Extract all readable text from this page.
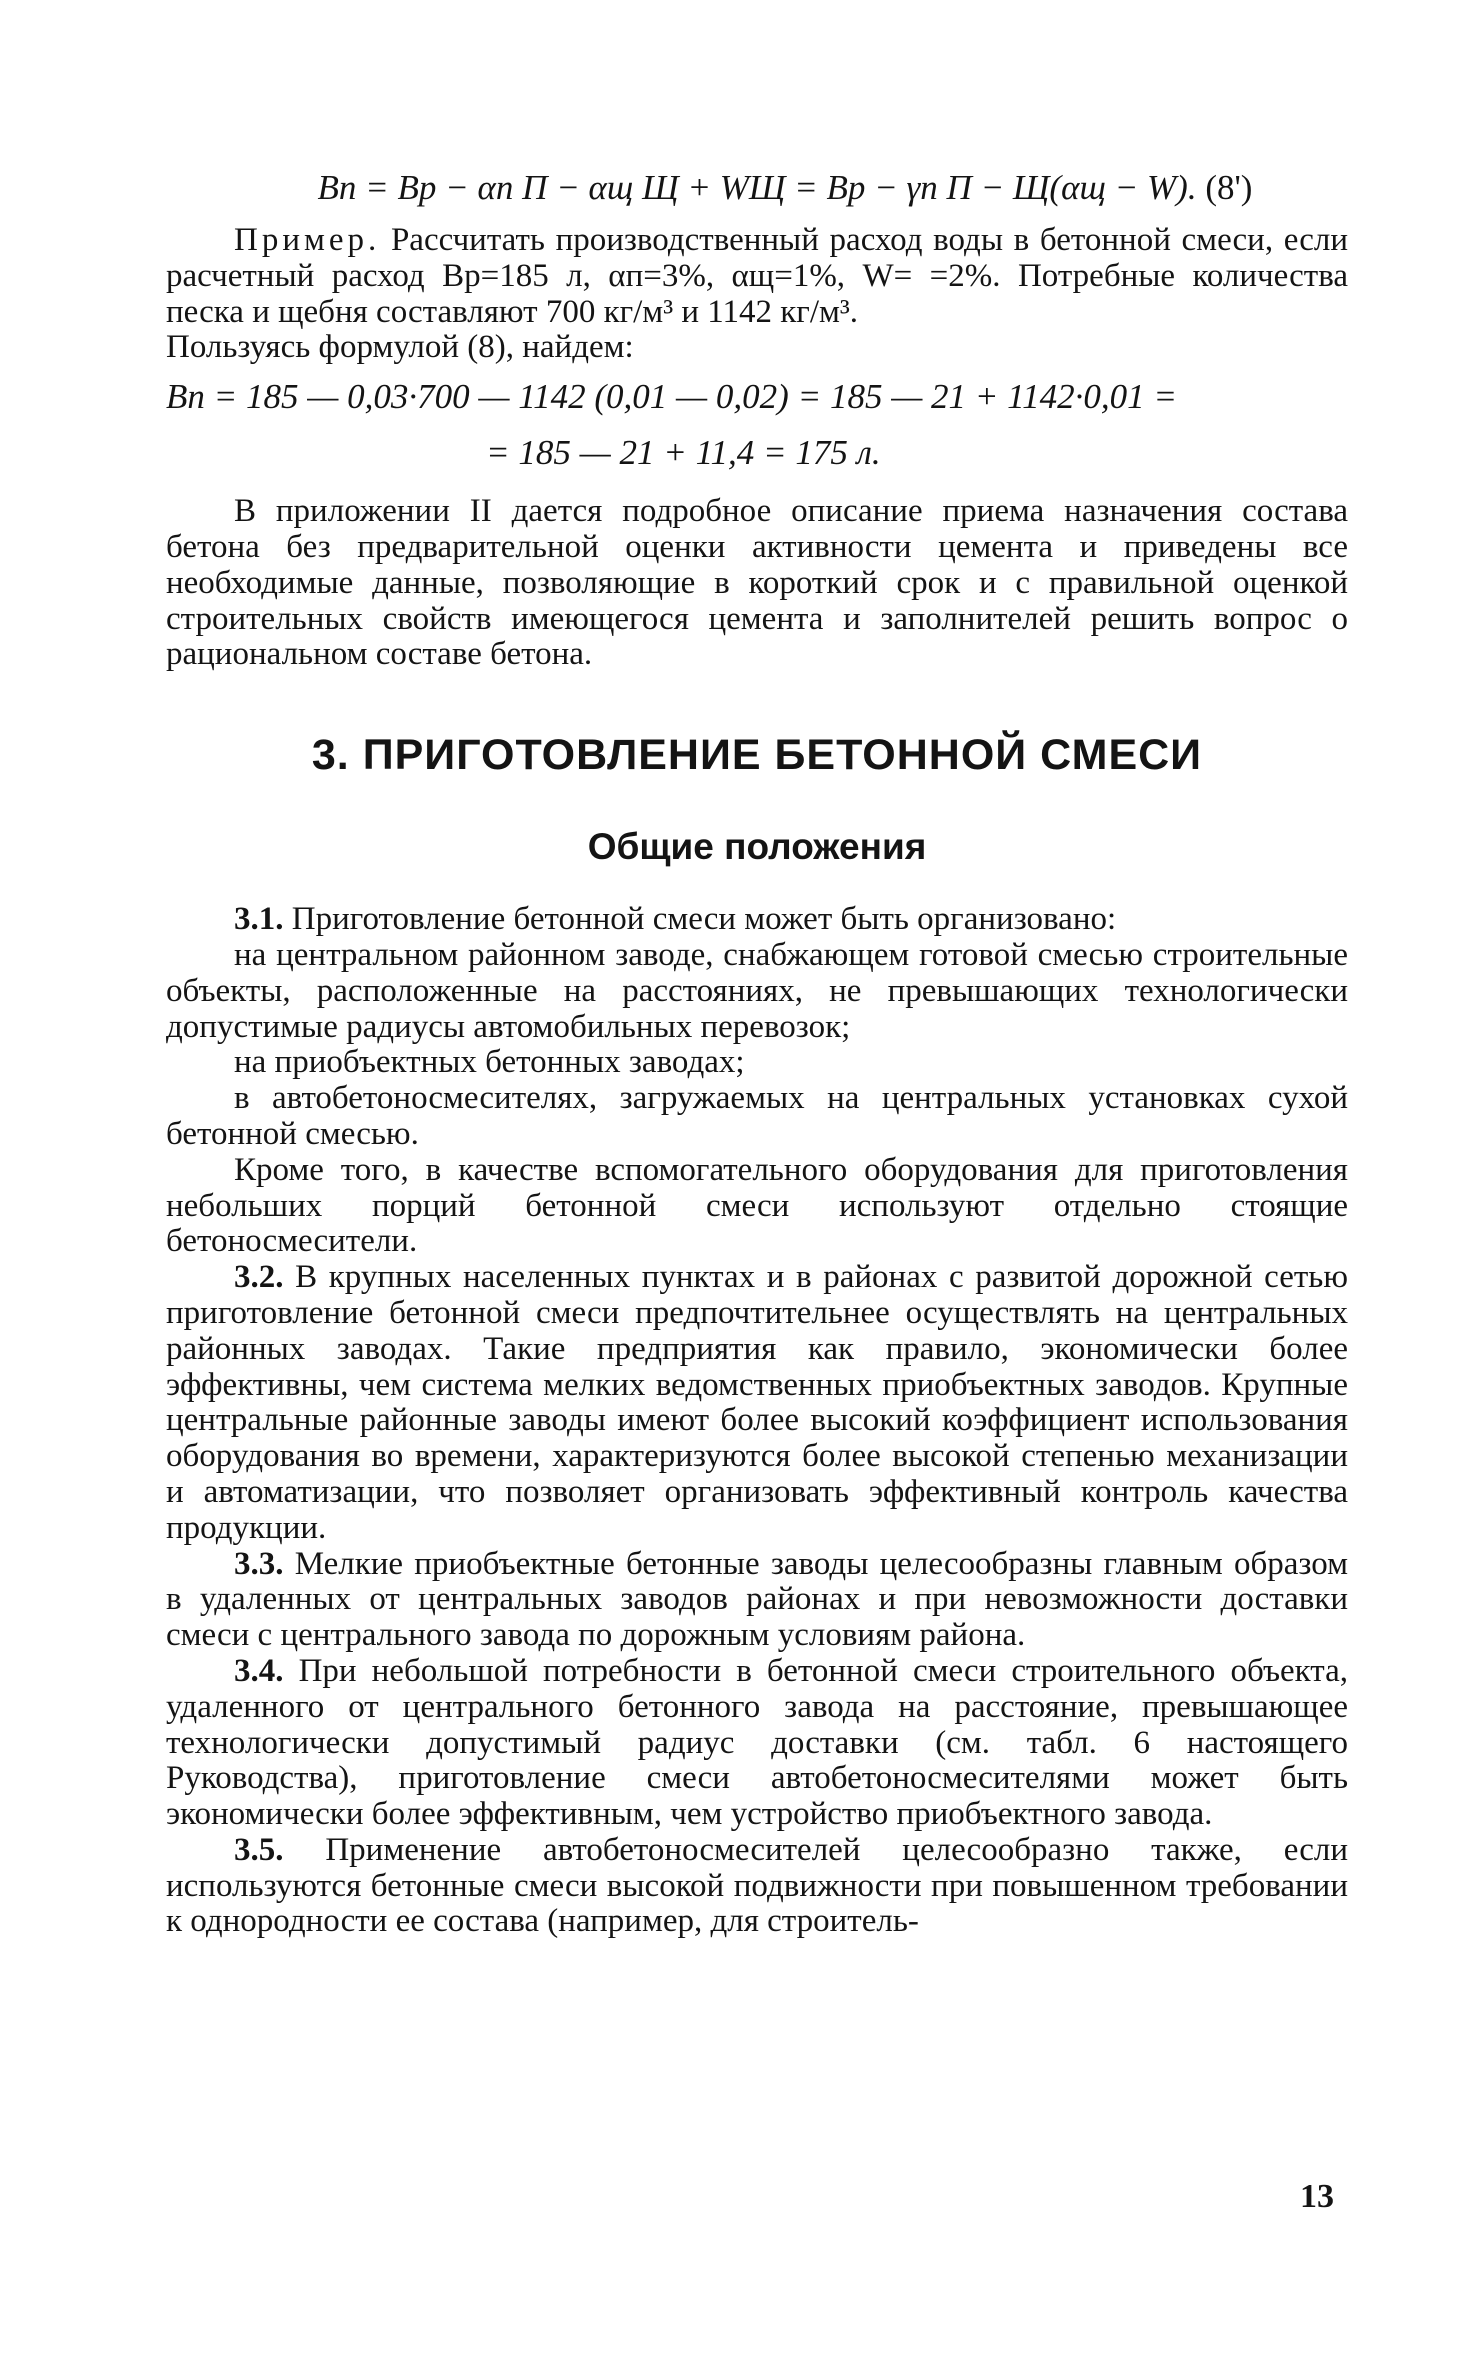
Bп = Bр − αп П − αщ Щ + WЩ = Bр − γп П − Щ(αщ − W). (8')

Пример. Рассчитать производственный расход воды в бетонной смеси, если расчетный расход Bр=185 л, αп=3%, αщ=1%, W= =2%. Потребные количества песка и щебня составляют 700 кг/м³ и 1142 кг/м³.

Пользуясь формулой (8), найдем:

Bп = 185 — 0,03·700 — 1142 (0,01 — 0,02) = 185 — 21 + 1142·0,01 =
= 185 — 21 + 11,4 = 175 л.

В приложении II дается подробное описание приема назначения состава бетона без предварительной оценки активности цемента и приведены все необходимые данные, позволяющие в короткий срок и с правильной оценкой строительных свойств имеющегося цемента и заполнителей решить вопрос о рациональном составе бетона.

3. ПРИГОТОВЛЕНИЕ БЕТОННОЙ СМЕСИ
Общие положения

3.1. Приготовление бетонной смеси может быть организовано:

на центральном районном заводе, снабжающем готовой смесью строительные объекты, расположенные на расстояниях, не превышающих технологически допустимые радиусы автомобильных перевозок;

на приобъектных бетонных заводах;

в автобетоносмесителях, загружаемых на центральных установках сухой бетонной смесью.

Кроме того, в качестве вспомогательного оборудования для приготовления небольших порций бетонной смеси используют отдельно стоящие бетоносмесители.

3.2. В крупных населенных пунктах и в районах с развитой дорожной сетью приготовление бетонной смеси предпочтительнее осуществлять на центральных районных заводах. Такие предприятия как правило, экономически более эффективны, чем система мелких ведомственных приобъектных заводов. Крупные центральные районные заводы имеют более высокий коэффициент использования оборудования во времени, характеризуются более высокой степенью механизации и автоматизации, что позволяет организовать эффективный контроль качества продукции.

3.3. Мелкие приобъектные бетонные заводы целесообразны главным образом в удаленных от центральных заводов районах и при невозможности доставки смеси с центрального завода по дорожным условиям района.

3.4. При небольшой потребности в бетонной смеси строительного объекта, удаленного от центрального бетонного завода на расстояние, превышающее технологически допустимый радиус доставки (см. табл. 6 настоящего Руководства), приготовление смеси автобетоносмесителями может быть экономически более эффективным, чем устройство приобъектного завода.

3.5. Применение автобетоносмесителей целесообразно также, если используются бетонные смеси высокой подвижности при повышенном требовании к однородности ее состава (например, для строитель-

13
